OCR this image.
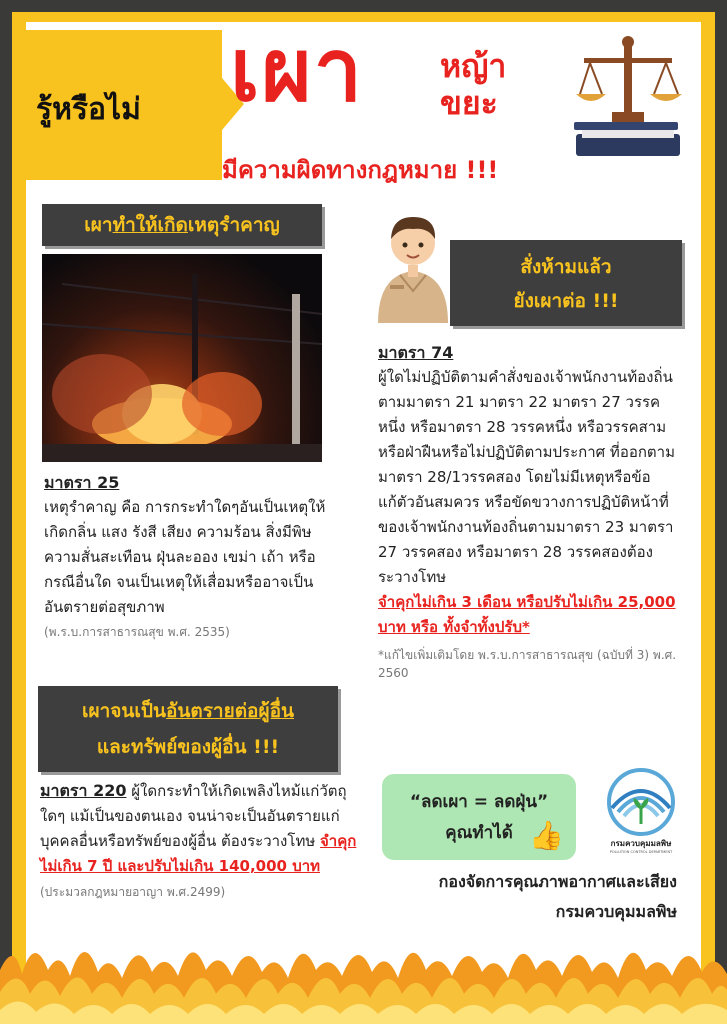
รู้หรือไม่ เผา หญ้า
ขยะ
มีความผิดทางกฎหมาย !!!
เผาทำให้เกิดเหตุรำคาญ
มาตรา 25
เหตุรำคาญ คือ การกระทำใดๆอันเป็นเหตุให้เกิดกลิ่น แสง รังสี เสียง ความร้อน สิ่งมีพิษ ความสั่นสะเทือน ฝุ่นละออง เขม่า เถ้า หรือกรณีอื่นใด จนเป็นเหตุให้เสื่อมหรืออาจเป็นอันตรายต่อสุขภาพ
(พ.ร.บ.การสาธารณสุข พ.ศ. 2535)
สั่งห้ามแล้ว
ยังเผาต่อ !!!
มาตรา 74
ผู้ใดไม่ปฏิบัติตามคำสั่งของเจ้าพนักงานท้องถิ่นตามมาตรา 21 มาตรา 22 มาตรา 27 วรรคหนึ่ง หรือมาตรา 28 วรรคหนึ่ง หรือวรรคสาม หรือฝ่าฝืนหรือไม่ปฏิบัติตามประกาศ ที่ออกตามมาตรา 28/1วรรคสอง โดยไม่มีเหตุหรือข้อแก้ตัวอันสมควร หรือขัดขวางการปฏิบัติหน้าที่ของเจ้าพนักงานท้องถิ่นตามมาตรา 23 มาตรา 27 วรรคสอง หรือมาตรา 28 วรรคสองต้องระวางโทษ
จำคุกไม่เกิน 3 เดือน หรือปรับไม่เกิน 25,000 บาท หรือ ทั้งจำทั้งปรับ*
*แก้ไขเพิ่มเติมโดย พ.ร.บ.การสาธารณสุข (ฉบับที่ 3) พ.ศ. 2560
เผาจนเป็นอันตรายต่อผู้อื่น
และทรัพย์ของผู้อื่น !!!
มาตรา 220 ผู้ใดกระทำให้เกิดเพลิงไหม้แก่วัตถุใดๆ แม้เป็นของตนเอง จนน่าจะเป็นอันตรายแก่บุคคลอื่นหรือทรัพย์ของผู้อื่น ต้องระวางโทษ จำคุกไม่เกิน 7 ปี และปรับไม่เกิน 140,000 บาท (ประมวลกฎหมายอาญา พ.ศ.2499)
“ลดเผา = ลดฝุ่น”
คุณทำได้ 👍	กรมควบคุมมลพิษ
POLLUTION CONTROL DEPARTMENT
กองจัดการคุณภาพอากาศและเสียง
กรมควบคุมมลพิษ
